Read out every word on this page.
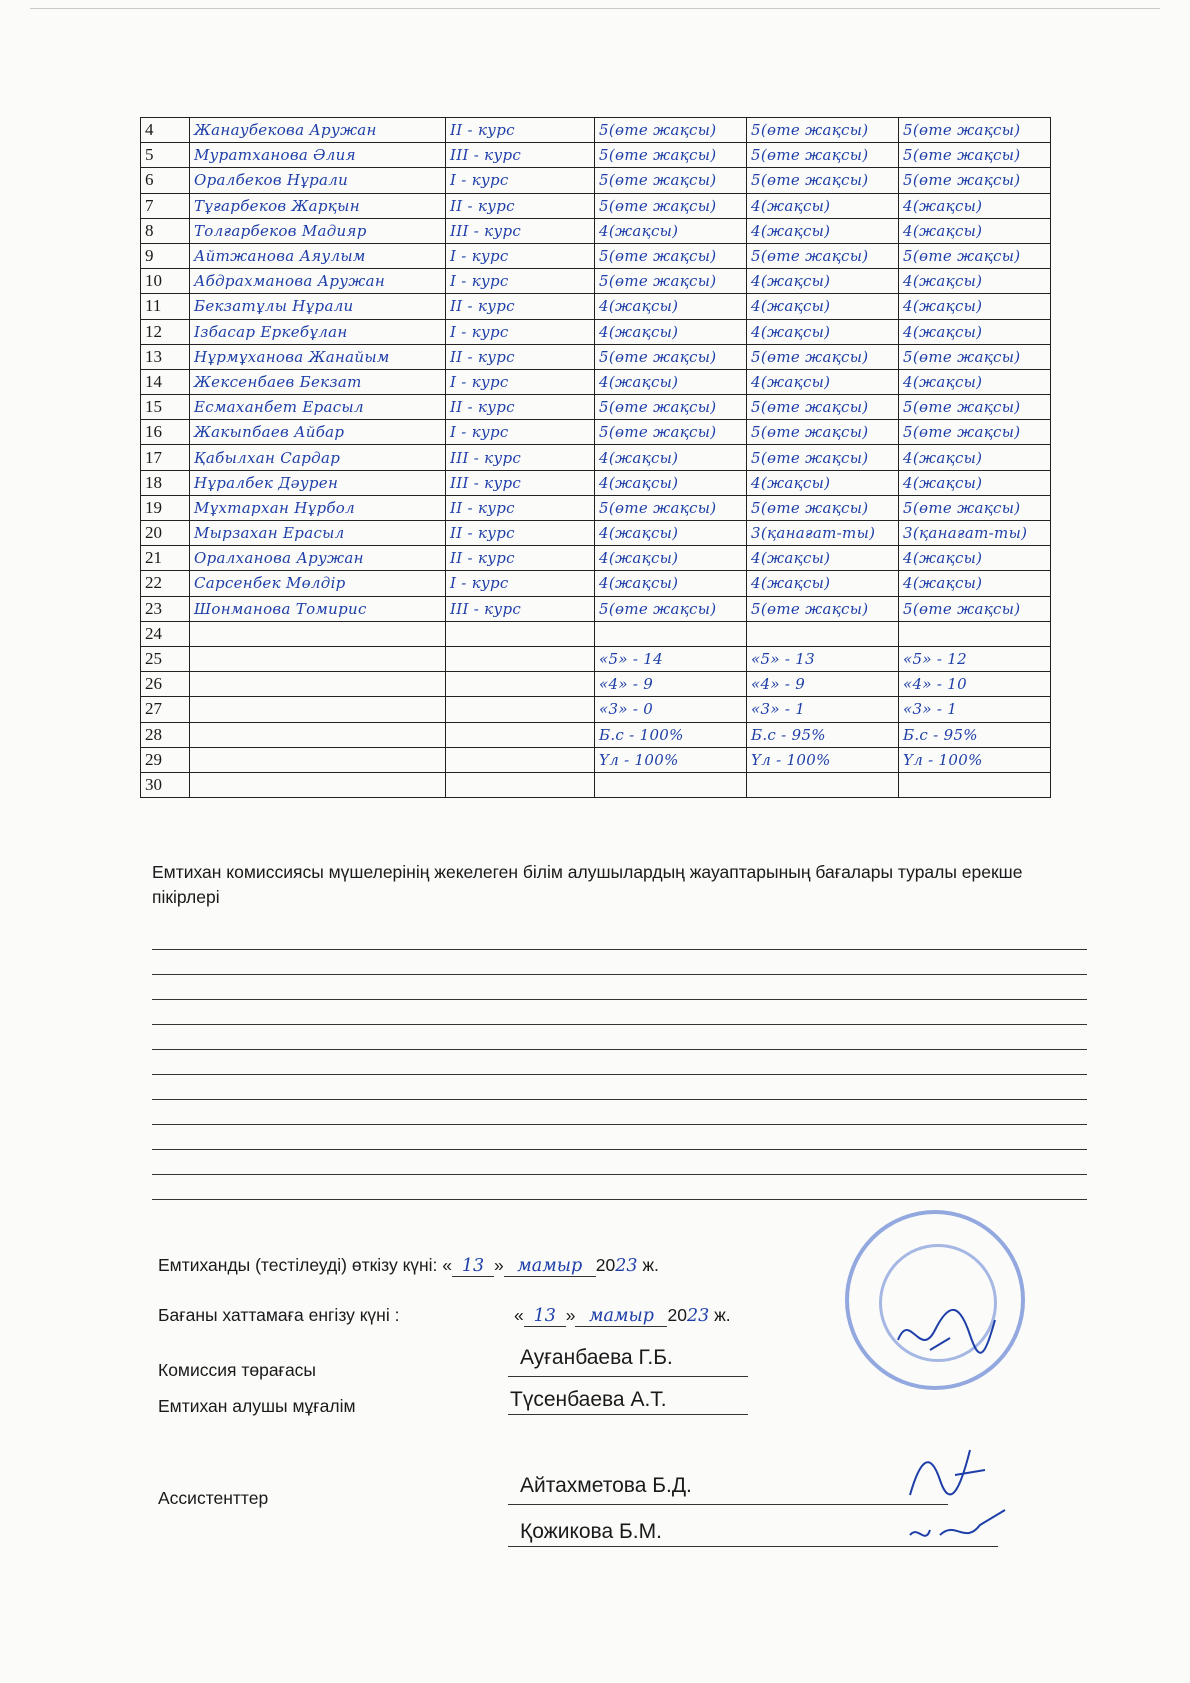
4	Жанаубекова Аружан	II - курс	5(өте жақсы)	5(өте жақсы)	5(өте жақсы)
5	Муратханова Әлия	III - курс	5(өте жақсы)	5(өте жақсы)	5(өте жақсы)
6	Оралбеков Нұрали	I - курс	5(өте жақсы)	5(өте жақсы)	5(өте жақсы)
7	Тұғарбеков Жарқын	II - курс	5(өте жақсы)	4(жақсы)	4(жақсы)
8	Толғарбеков Мадияр	III - курс	4(жақсы)	4(жақсы)	4(жақсы)
9	Айтжанова Аяулым	I - курс	5(өте жақсы)	5(өте жақсы)	5(өте жақсы)
10	Абдрахманова Аружан	I - курс	5(өте жақсы)	4(жақсы)	4(жақсы)
11	Бекзатұлы Нұрали	II - курс	4(жақсы)	4(жақсы)	4(жақсы)
12	Ізбасар Еркебұлан	I - курс	4(жақсы)	4(жақсы)	4(жақсы)
13	Нұрмұханова Жанайым	II - курс	5(өте жақсы)	5(өте жақсы)	5(өте жақсы)
14	Жексенбаев Бекзат	I - курс	4(жақсы)	4(жақсы)	4(жақсы)
15	Есмаханбет Ерасыл	II - курс	5(өте жақсы)	5(өте жақсы)	5(өте жақсы)
16	Жакыпбаев Айбар	I - курс	5(өте жақсы)	5(өте жақсы)	5(өте жақсы)
17	Қабылхан Сардар	III - курс	4(жақсы)	5(өте жақсы)	4(жақсы)
18	Нұралбек Дәурен	III - курс	4(жақсы)	4(жақсы)	4(жақсы)
19	Мұхтархан Нұрбол	II - курс	5(өте жақсы)	5(өте жақсы)	5(өте жақсы)
20	Мырзахан Ерасыл	II - курс	4(жақсы)	3(қанағат-ты)	3(қанағат-ты)
21	Оралханова Аружан	II - курс	4(жақсы)	4(жақсы)	4(жақсы)
22	Сарсенбек Мөлдір	I - курс	4(жақсы)	4(жақсы)	4(жақсы)
23	Шонманова Томирис	III - курс	5(өте жақсы)	5(өте жақсы)	5(өте жақсы)
24					
25			«5» - 14	«5» - 13	«5» - 12
26			«4» - 9	«4» - 9	«4» - 10
27			«3» - 0	«3» - 1	«3» - 1
28			Б.с - 100%	Б.с - 95%	Б.с - 95%
29			Үл - 100%	Үл - 100%	Үл - 100%
30					
Емтихан комиссиясы мүшелерінің жекелеген білім алушылардың жауаптарының бағалары туралы ерекше пікірлері
Емтиханды (тестілеуді) өткізу күні: « 13 » мамыр 2023 ж.
Бағаны хаттамаға енгізу күні :	« 13 » мамыр 2023 ж.
Комиссия төрағасы
Ауғанбаева Г.Б.
Емтихан алушы мұғалім	Түсенбаева А.Т.
Ассистенттер
Айтахметова Б.Д.
Қожикова Б.М.
